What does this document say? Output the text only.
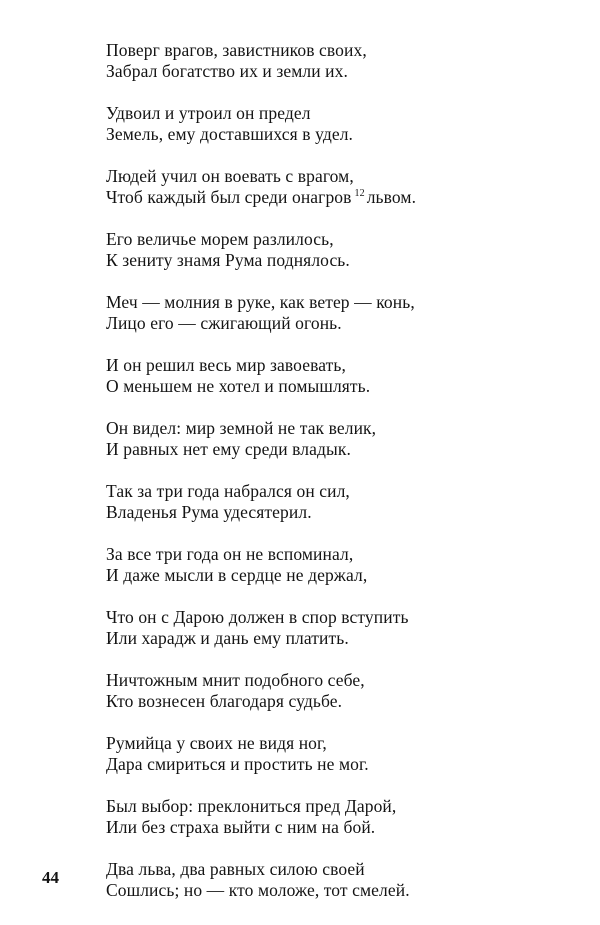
Поверг врагов, завистников своих,
Забрал богатство их и земли их.
Удвоил и утроил он предел
Земель, ему доставшихся в удел.
Людей учил он воевать с врагом,
Чтоб каждый был среди онагров $^{12}$ львом.
Его величье морем разлилось,
К зениту знамя Рума поднялось.
Меч — молния в руке, как ветер — конь,
Лицо его — сжигающий огонь.
И он решил весь мир завоевать,
О меньшем не хотел и помышлять.
Он видел: мир земной не так велик,
И равных нет ему среди владык.
Так за три года набрался он сил,
Владенья Рума удесятерил.
За все три года он не вспоминал,
И даже мысли в сердце не держал,
Что он с Дарою должен в спор вступить
Или харадж и дань ему платить.
Ничтожным мнит подобного себе,
Кто вознесен благодаря судьбе.
Румийца у своих не видя ног,
Дара смириться и простить не мог.
Был выбор: преклониться пред Дарой,
Или без страха выйти с ним на бой.
Два льва, два равных силою своей
Сошлись; но — кто моложе, тот смелей.
44
